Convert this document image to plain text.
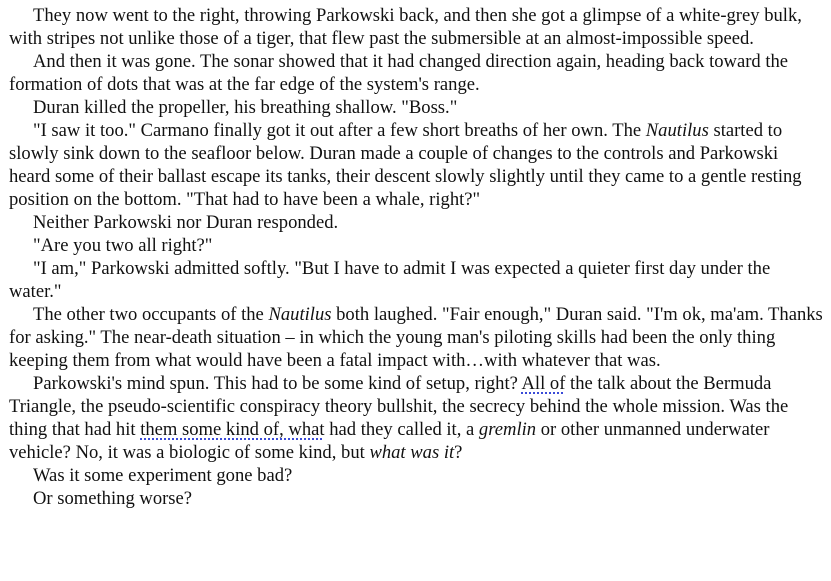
They now went to the right, throwing Parkowski back, and then she got a glimpse of a white-grey bulk, with stripes not unlike those of a tiger, that flew past the submersible at an almost-impossible speed.

And then it was gone. The sonar showed that it had changed direction again, heading back toward the formation of dots that was at the far edge of the system's range.

Duran killed the propeller, his breathing shallow. "Boss."

"I saw it too." Carmano finally got it out after a few short breaths of her own. The Nautilus started to slowly sink down to the seafloor below. Duran made a couple of changes to the controls and Parkowski heard some of their ballast escape its tanks, their descent slowly slightly until they came to a gentle resting position on the bottom. "That had to have been a whale, right?"

Neither Parkowski nor Duran responded.

"Are you two all right?"

"I am," Parkowski admitted softly. "But I have to admit I was expected a quieter first day under the water."

The other two occupants of the Nautilus both laughed. "Fair enough," Duran said. "I'm ok, ma'am. Thanks for asking." The near-death situation – in which the young man's piloting skills had been the only thing keeping them from what would have been a fatal impact with…with whatever that was.

Parkowski's mind spun. This had to be some kind of setup, right? All of the talk about the Bermuda Triangle, the pseudo-scientific conspiracy theory bullshit, the secrecy behind the whole mission. Was the thing that had hit them some kind of, what had they called it, a gremlin or other unmanned underwater vehicle? No, it was a biologic of some kind, but what was it?

Was it some experiment gone bad?

Or something worse?
